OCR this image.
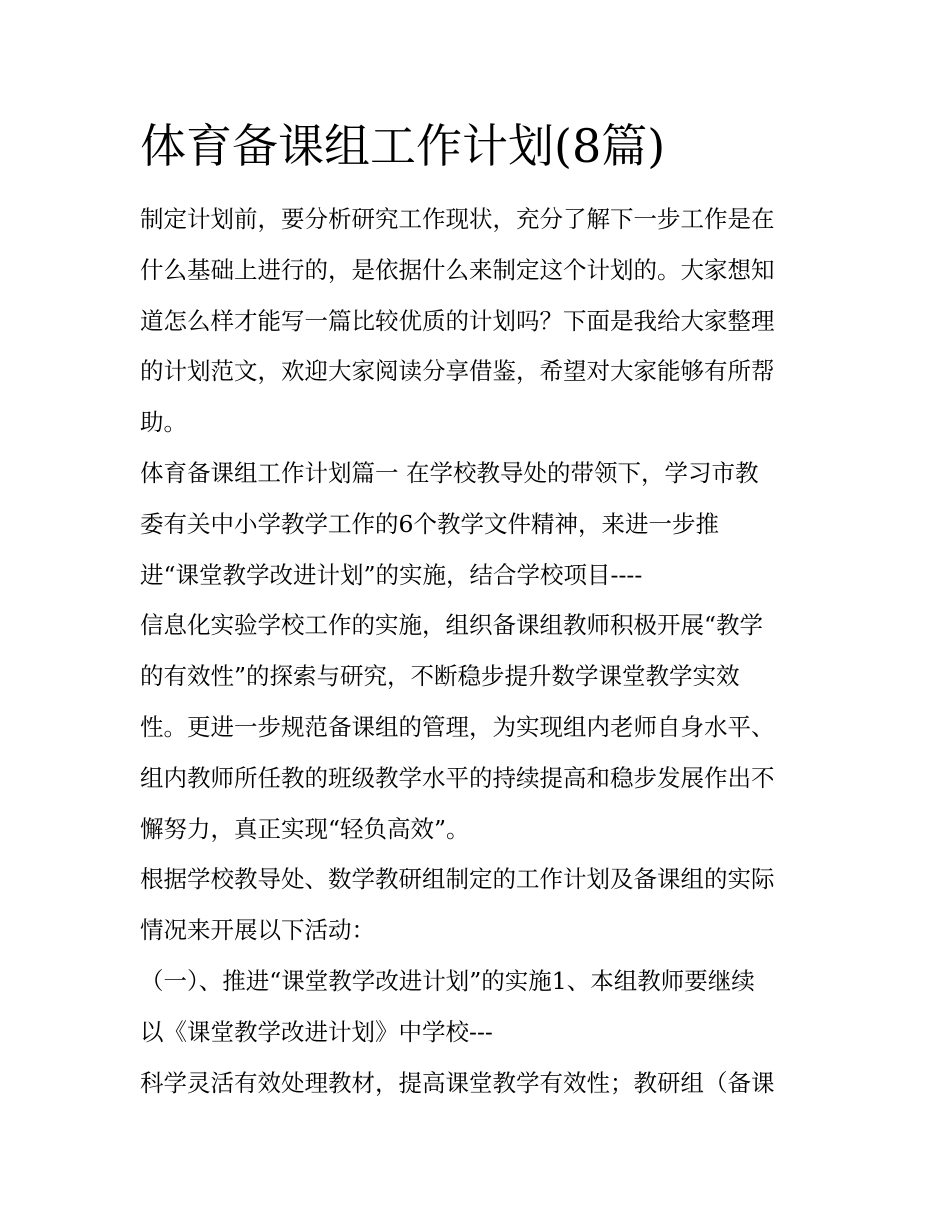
体育备课组工作计划(8篇)
制定计划前，要分析研究工作现状，充分了解下一步工作是在
什么基础上进行的，是依据什么来制定这个计划的。大家想知
道怎么样才能写一篇比较优质的计划吗？下面是我给大家整理
的计划范文，欢迎大家阅读分享借鉴，希望对大家能够有所帮
助。
体育备课组工作计划篇一 在学校教导处的带领下，学习市教
委有关中小学教学工作的6个教学文件精神，来进一步推
进“课堂教学改进计划”的实施，结合学校项目----
信息化实验学校工作的实施，组织备课组教师积极开展“教学
的有效性”的探索与研究，不断稳步提升数学课堂教学实效
性。更进一步规范备课组的管理，为实现组内老师自身水平、
组内教师所任教的班级教学水平的持续提高和稳步发展作出不
懈努力，真正实现“轻负高效”。
根据学校教导处、数学教研组制定的工作计划及备课组的实际
情况来开展以下活动：
（一）、推进“课堂教学改进计划”的实施1、本组教师要继续
以《课堂教学改进计划》中学校---
科学灵活有效处理教材，提高课堂教学有效性；教研组（备课
